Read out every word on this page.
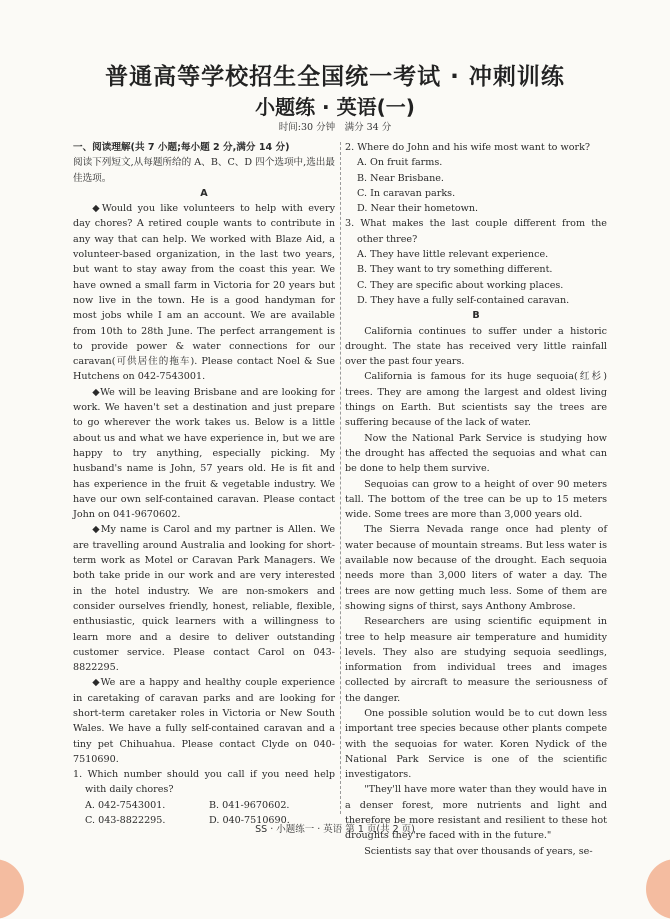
普通高等学校招生全国统一考试 · 冲刺训练
小题练 · 英语(一)
时间:30 分钟　满分 34 分

一、阅读理解(共 7 小题;每小题 2 分,满分 14 分)

阅读下列短文,从每题所给的 A、B、C、D 四个选项中,选出最佳选项。

A

◆Would you like volunteers to help with every day chores? A retired couple wants to contribute in any way that can help. We worked with Blaze Aid, a volunteer-based organization, in the last two years, but want to stay away from the coast this year. We have owned a small farm in Victoria for 20 years but now live in the town. He is a good handyman for most jobs while I am an account. We are available from 10th to 28th June. The perfect arrangement is to provide power & water connections for our caravan(可供居住的拖车). Please contact Noel & Sue Hutchens on 042-7543001.

◆We will be leaving Brisbane and are looking for work. We haven't set a destination and just prepare to go wherever the work takes us. Below is a little about us and what we have experience in, but we are happy to try anything, especially picking. My husband's name is John, 57 years old. He is fit and has experience in the fruit & vegetable industry. We have our own self-contained caravan. Please contact John on 041-9670602.

◆My name is Carol and my partner is Allen. We are travelling around Australia and looking for short-term work as Motel or Caravan Park Managers. We both take pride in our work and are very interested in the hotel industry. We are non-smokers and consider ourselves friendly, honest, reliable, flexible, enthusiastic, quick learners with a willingness to learn more and a desire to deliver outstanding customer service. Please contact Carol on 043-8822295.

◆We are a happy and healthy couple experience in caretaking of caravan parks and are looking for short-term caretaker roles in Victoria or New South Wales. We have a fully self-contained caravan and a tiny pet Chihuahua. Please contact Clyde on 040-7510690.

1. Which number should you call if you need help with daily chores?

A. 042-7543001.	B. 041-9670602.
C. 043-8822295.	D. 040-7510690.

2. Where do John and his wife most want to work?

A. On fruit farms.

B. Near Brisbane.

C. In caravan parks.

D. Near their hometown.

3. What makes the last couple different from the other three?

A. They have little relevant experience.

B. They want to try something different.

C. They are specific about working places.

D. They have a fully self-contained caravan.

B

California continues to suffer under a historic drought. The state has received very little rainfall over the past four years.

California is famous for its huge sequoia(红杉) trees. They are among the largest and oldest living things on Earth. But scientists say the trees are suffering because of the lack of water.

Now the National Park Service is studying how the drought has affected the sequoias and what can be done to help them survive.

Sequoias can grow to a height of over 90 meters tall. The bottom of the tree can be up to 15 meters wide. Some trees are more than 3,000 years old.

The Sierra Nevada range once had plenty of water because of mountain streams. But less water is available now because of the drought. Each sequoia needs more than 3,000 liters of water a day. The trees are now getting much less. Some of them are showing signs of thirst, says Anthony Ambrose.

Researchers are using scientific equipment in tree to help measure air temperature and humidity levels. They also are studying sequoia seedlings, information from individual trees and images collected by aircraft to measure the seriousness of the danger.

One possible solution would be to cut down less important tree species because other plants compete with the sequoias for water. Koren Nydick of the National Park Service is one of the scientific investigators.

"They'll have more water than they would have in a denser forest, more nutrients and light and therefore be more resistant and resilient to these hot droughts they're faced with in the future."

Scientists say that over thousands of years, se-

SS · 小题练一 · 英语 第 1 页(共 2 页)
